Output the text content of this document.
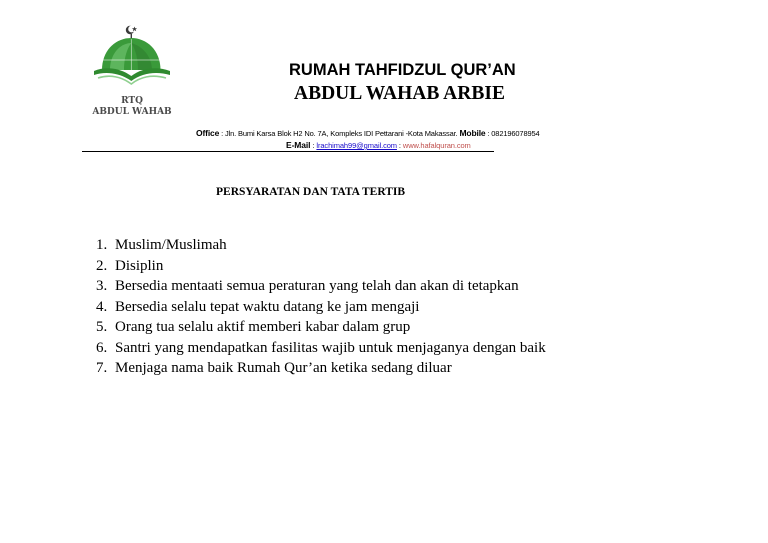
RTQ
ABDUL WAHAB
RUMAH TAHFIDZUL QUR’AN
ABDUL WAHAB ARBIE
Office : Jln. Bumi Karsa Blok H2 No. 7A, Kompleks IDI Pettarani -Kota Makassar. Mobile : 082196078954
E-Mail : lrachimah99@gmail.com : www.hafalquran.com
PERSYARATAN DAN TATA TERTIB
1. Muslim/Muslimah
2. Disiplin
3. Bersedia mentaati semua peraturan yang telah dan akan di tetapkan
4. Bersedia selalu tepat waktu datang ke jam mengaji
5. Orang tua selalu aktif memberi kabar dalam grup
6. Santri yang mendapatkan fasilitas wajib untuk menjaganya dengan baik
7. Menjaga nama baik Rumah Qur’an ketika sedang diluar
